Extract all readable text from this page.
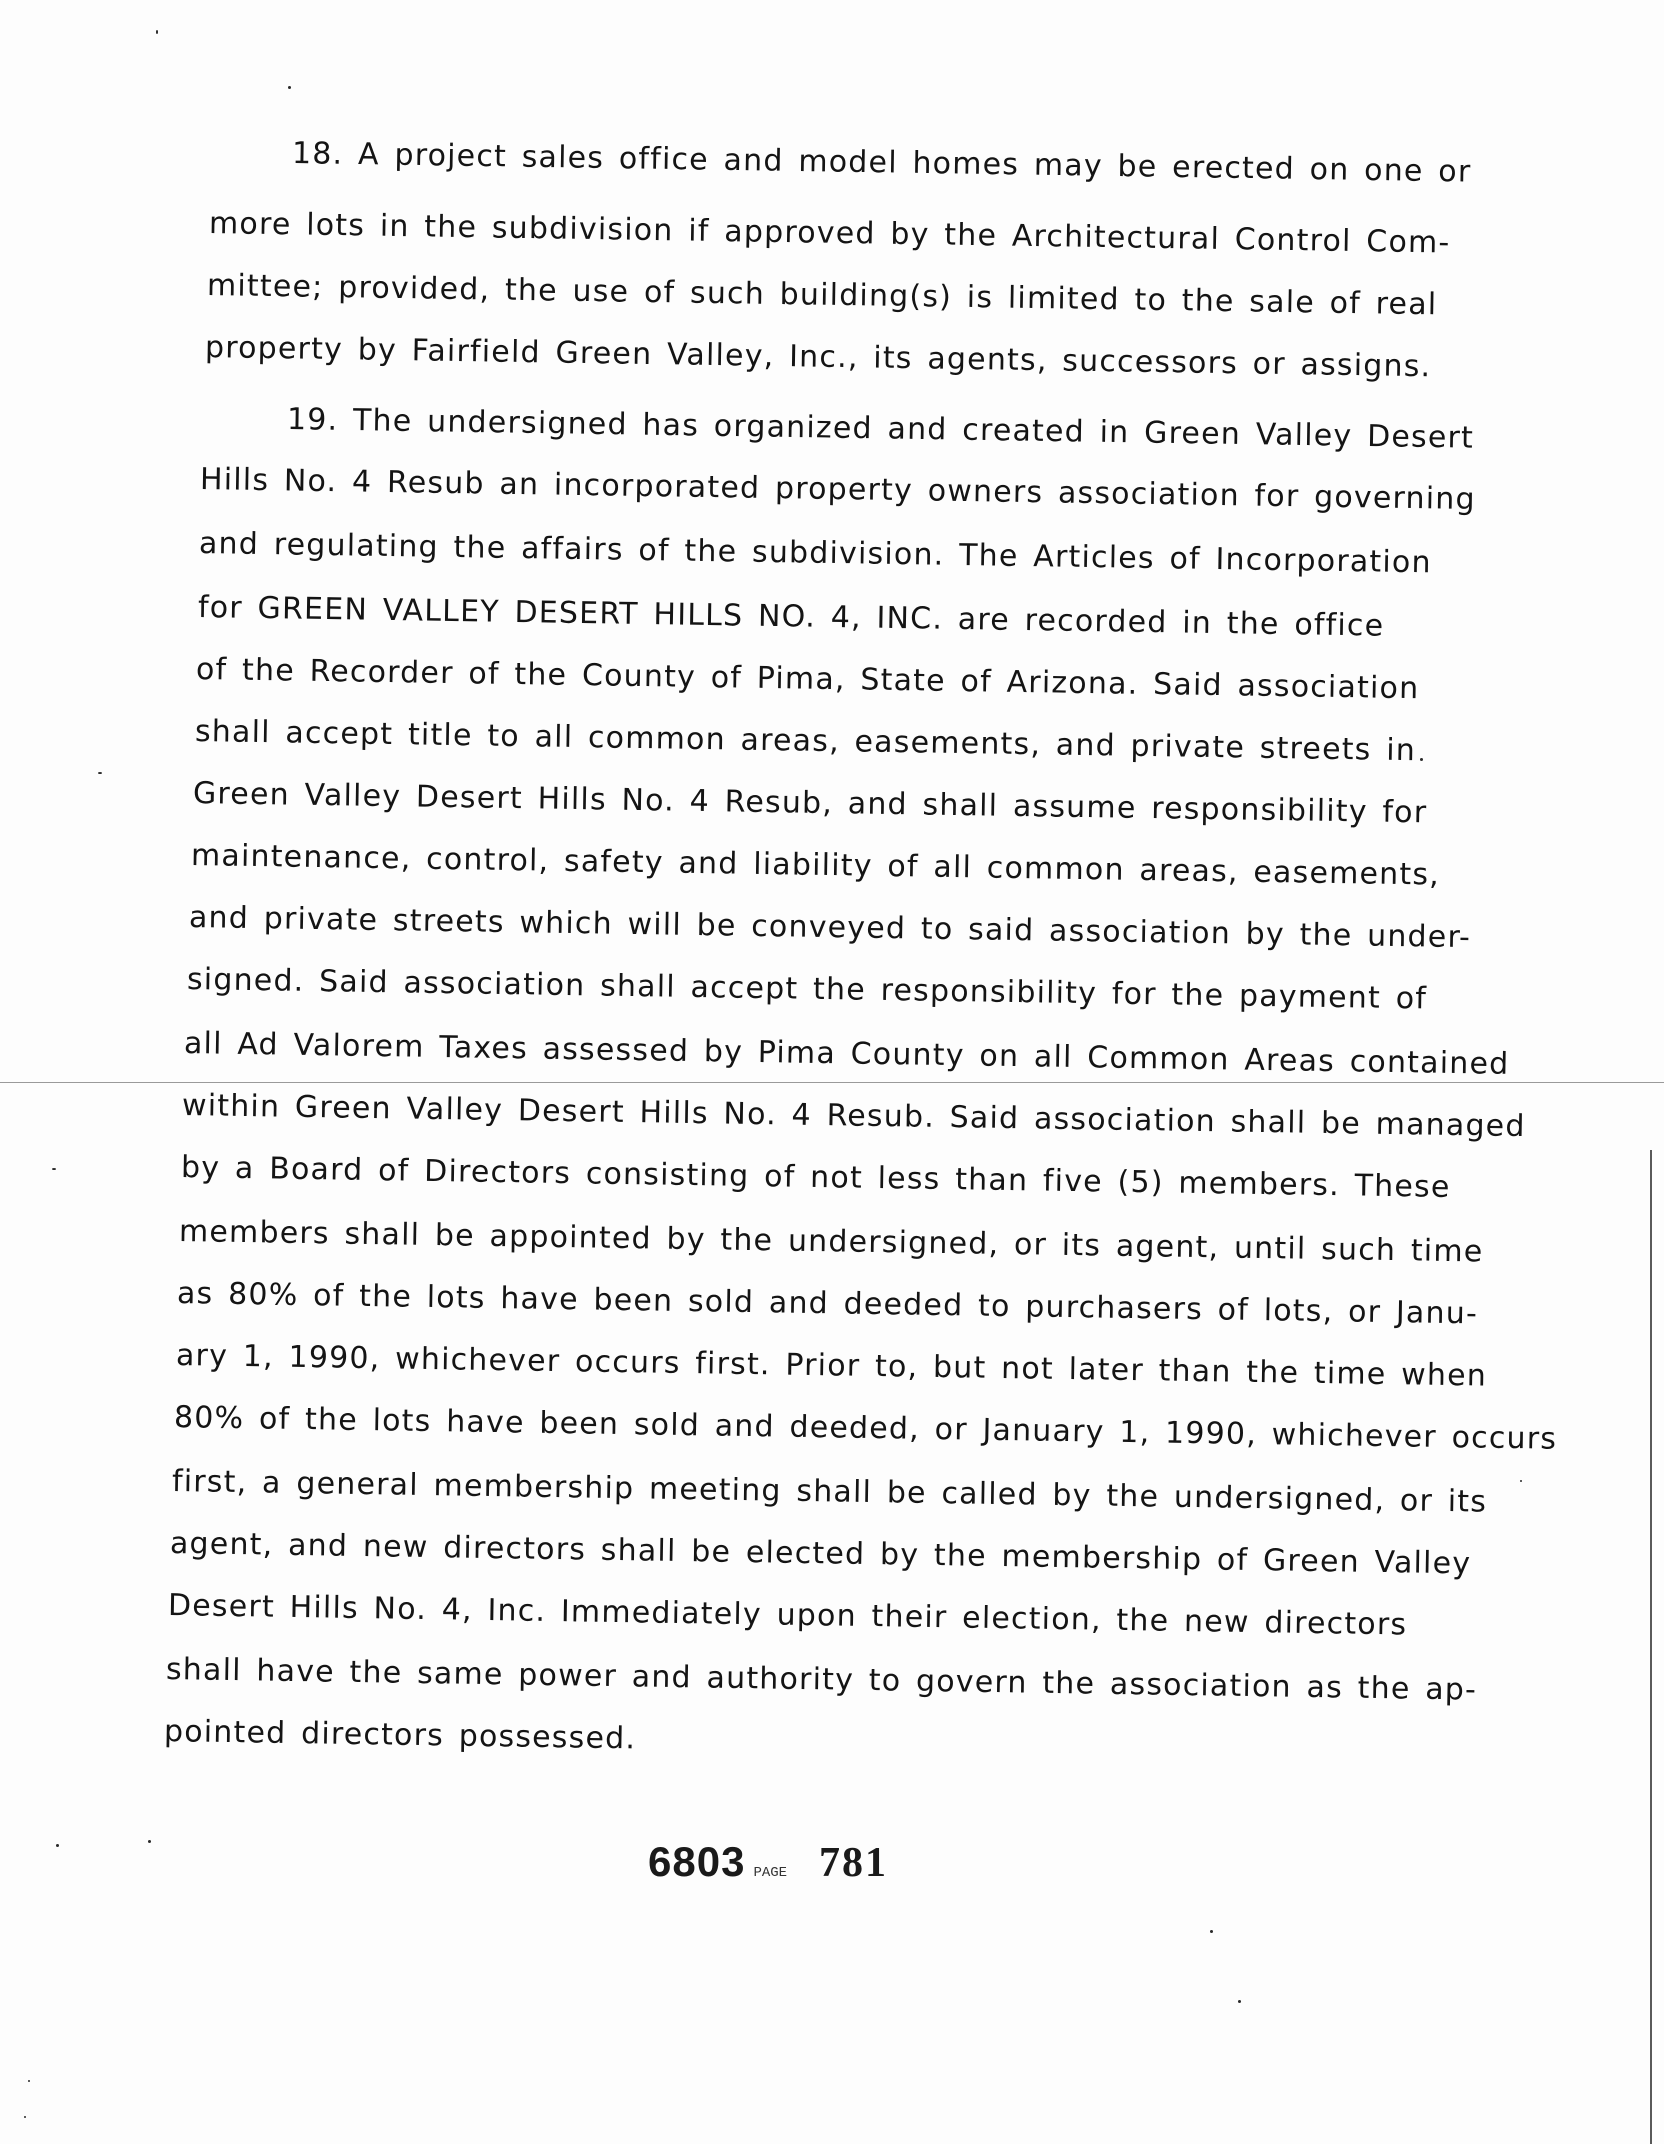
18. A project sales office and model homes may be erected on one or
more lots in the subdivision if approved by the Architectural Control Com-
mittee; provided, the use of such building(s) is limited to the sale of real
property by Fairfield Green Valley, Inc., its agents, successors or assigns.
19. The undersigned has organized and created in Green Valley Desert
Hills No. 4 Resub an incorporated property owners association for governing
and regulating the affairs of the subdivision. The Articles of Incorporation
for GREEN VALLEY DESERT HILLS NO. 4, INC. are recorded in the office
of the Recorder of the County of Pima, State of Arizona. Said association
shall accept title to all common areas, easements, and private streets in
Green Valley Desert Hills No. 4 Resub, and shall assume responsibility for
maintenance, control, safety and liability of all common areas, easements,
and private streets which will be conveyed to said association by the under-
signed. Said association shall accept the responsibility for the payment of
all Ad Valorem Taxes assessed by Pima County on all Common Areas contained
within Green Valley Desert Hills No. 4 Resub. Said association shall be managed
by a Board of Directors consisting of not less than five (5) members. These
members shall be appointed by the undersigned, or its agent, until such time
as 80% of the lots have been sold and deeded to purchasers of lots, or Janu-
ary 1, 1990, whichever occurs first. Prior to, but not later than the time when
80% of the lots have been sold and deeded, or January 1, 1990, whichever occurs
first, a general membership meeting shall be called by the undersigned, or its
agent, and new directors shall be elected by the membership of Green Valley
Desert Hills No. 4, Inc. Immediately upon their election, the new directors
shall have the same power and authority to govern the association as the ap-
pointed directors possessed.
6803 PAGE 781
